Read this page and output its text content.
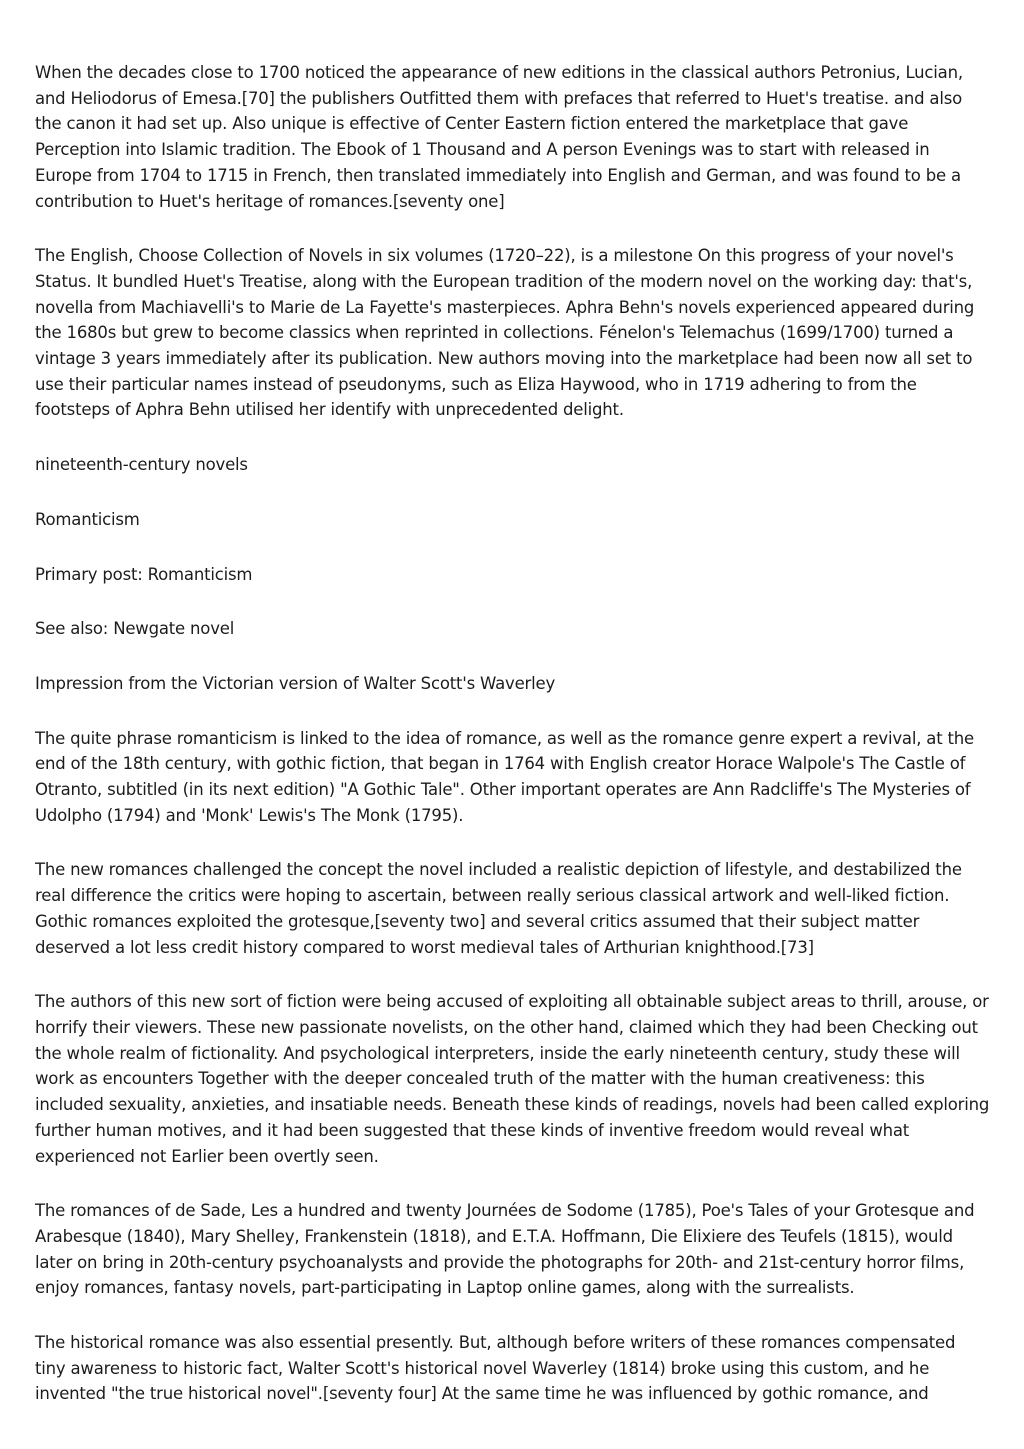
When the decades close to 1700 noticed the appearance of new editions in the classical authors Petronius, Lucian, and Heliodorus of Emesa.[70] the publishers Outfitted them with prefaces that referred to Huet's treatise. and also the canon it had set up. Also unique is effective of Center Eastern fiction entered the marketplace that gave Perception into Islamic tradition. The Ebook of 1 Thousand and A person Evenings was to start with released in Europe from 1704 to 1715 in French, then translated immediately into English and German, and was found to be a contribution to Huet's heritage of romances.[seventy one]

The English, Choose Collection of Novels in six volumes (1720–22), is a milestone On this progress of your novel's Status. It bundled Huet's Treatise, along with the European tradition of the modern novel on the working day: that's, novella from Machiavelli's to Marie de La Fayette's masterpieces. Aphra Behn's novels experienced appeared during the 1680s but grew to become classics when reprinted in collections. Fénelon's Telemachus (1699/1700) turned a vintage 3 years immediately after its publication. New authors moving into the marketplace had been now all set to use their particular names instead of pseudonyms, such as Eliza Haywood, who in 1719 adhering to from the footsteps of Aphra Behn utilised her identify with unprecedented delight.

nineteenth-century novels

Romanticism

Primary post: Romanticism

See also: Newgate novel

Impression from the Victorian version of Walter Scott's Waverley

The quite phrase romanticism is linked to the idea of romance, as well as the romance genre expert a revival, at the end of the 18th century, with gothic fiction, that began in 1764 with English creator Horace Walpole's The Castle of Otranto, subtitled (in its next edition) "A Gothic Tale". Other important operates are Ann Radcliffe's The Mysteries of Udolpho (1794) and 'Monk' Lewis's The Monk (1795).

The new romances challenged the concept the novel included a realistic depiction of lifestyle, and destabilized the real difference the critics were hoping to ascertain, between really serious classical artwork and well-liked fiction. Gothic romances exploited the grotesque,[seventy two] and several critics assumed that their subject matter deserved a lot less credit history compared to worst medieval tales of Arthurian knighthood.[73]

The authors of this new sort of fiction were being accused of exploiting all obtainable subject areas to thrill, arouse, or horrify their viewers. These new passionate novelists, on the other hand, claimed which they had been Checking out the whole realm of fictionality. And psychological interpreters, inside the early nineteenth century, study these will work as encounters Together with the deeper concealed truth of the matter with the human creativeness: this included sexuality, anxieties, and insatiable needs. Beneath these kinds of readings, novels had been called exploring further human motives, and it had been suggested that these kinds of inventive freedom would reveal what experienced not Earlier been overtly seen.

The romances of de Sade, Les a hundred and twenty Journées de Sodome (1785), Poe's Tales of your Grotesque and Arabesque (1840), Mary Shelley, Frankenstein (1818), and E.T.A. Hoffmann, Die Elixiere des Teufels (1815), would later on bring in 20th-century psychoanalysts and provide the photographs for 20th- and 21st-century horror films, enjoy romances, fantasy novels, part-participating in Laptop online games, along with the surrealists.

The historical romance was also essential presently. But, although before writers of these romances compensated tiny awareness to historic fact, Walter Scott's historical novel Waverley (1814) broke using this custom, and he invented "the true historical novel".[seventy four] At the same time he was influenced by gothic romance, and
